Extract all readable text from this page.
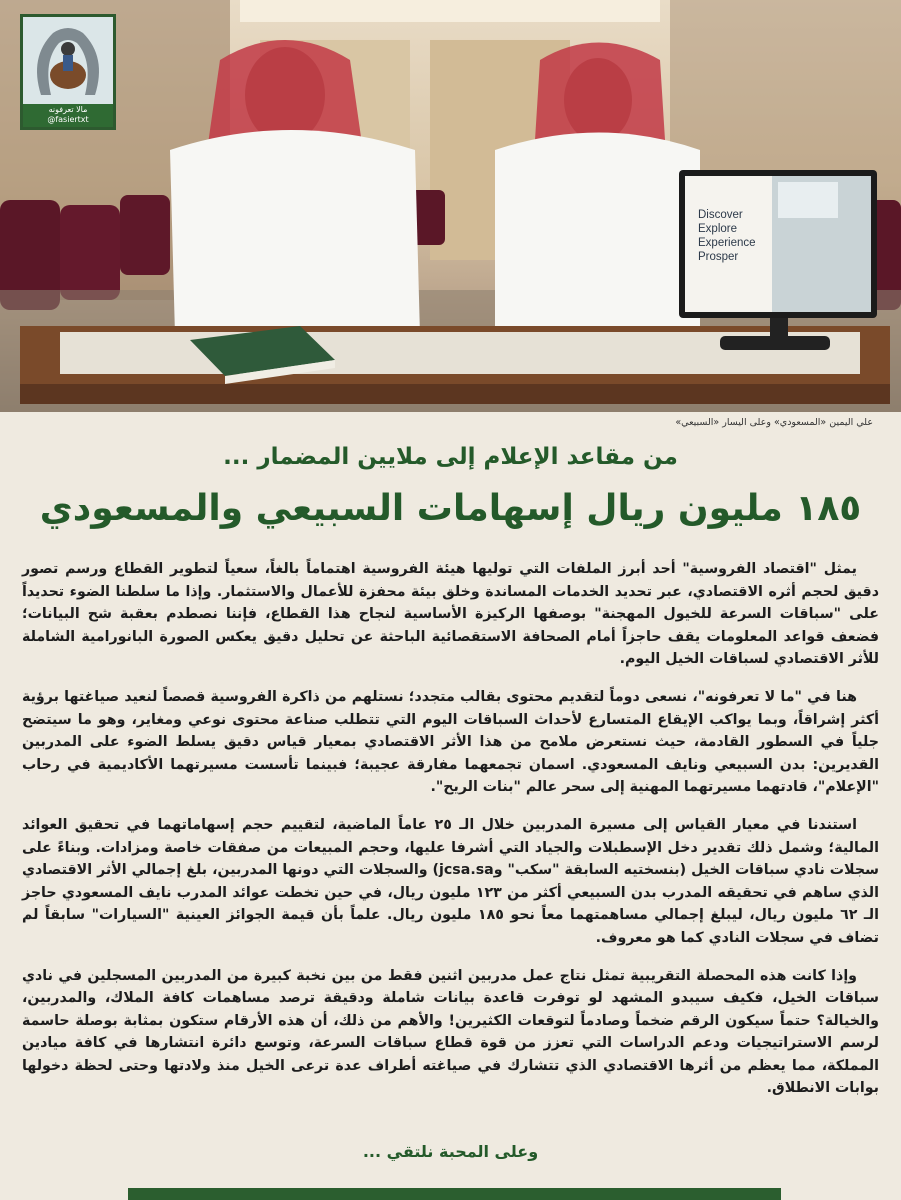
مالا تعرفونه
@fasiertxt
Discover
Explore
Experience
Prosper
علي اليمين «المسعودي» وعلى اليسار «السبيعي»
من مقاعد الإعلام إلى ملايين المضمار ...
١٨٥ مليون ريال إسهامات السبيعي والمسعودي

يمثل "اقتصاد الفروسية" أحد أبرز الملفات التي توليها هيئة الفروسية اهتماماً بالغاً، سعياً لتطوير القطاع ورسم تصور دقيق لحجم أثره الاقتصادي، عبر تحديد الخدمات المساندة وخلق بيئة محفزة للأعمال والاستثمار. وإذا ما سلطنا الضوء تحديداً على "سباقات السرعة للخيول المهجنة" بوصفها الركيزة الأساسية لنجاح هذا القطاع، فإننا نصطدم بعقبة شح البيانات؛ فضعف قواعد المعلومات يقف حاجزاً أمام الصحافة الاستقصائية الباحثة عن تحليل دقيق يعكس الصورة البانورامية الشاملة للأثر الاقتصادي لسباقات الخيل اليوم.

هنا في "ما لا تعرفونه"، نسعى دوماً لتقديم محتوى بقالب متجدد؛ نستلهم من ذاكرة الفروسية قصصاً لنعيد صياغتها برؤية أكثر إشراقاً، وبما يواكب الإيقاع المتسارع لأحداث السباقات اليوم التي تتطلب صناعة محتوى نوعي ومغاير، وهو ما سيتضح جلياً في السطور القادمة، حيث نستعرض ملامح من هذا الأثر الاقتصادي بمعيار قياس دقيق يسلط الضوء على المدربين القديرين: بدن السبيعي ونايف المسعودي. اسمان تجمعهما مفارقة عجيبة؛ فبينما تأسست مسيرتهما الأكاديمية في رحاب "الإعلام"، قادتهما مسيرتهما المهنية إلى سحر عالم "بنات الريح".

استندنا في معيار القياس إلى مسيرة المدربين خلال الـ ٢٥ عاماً الماضية، لتقييم حجم إسهاماتهما في تحقيق العوائد المالية؛ وشمل ذلك تقدير دخل الإسطبلات والجياد التي أشرفا عليها، وحجم المبيعات من صفقات خاصة ومزادات. وبناءً على سجلات نادي سباقات الخيل (بنسختيه السابقة "سكب" وjcsa.sa) والسجلات التي دونها المدربين، بلغ إجمالي الأثر الاقتصادي الذي ساهم في تحقيقه المدرب بدن السبيعي أكثر من ١٢٣ مليون ريال، في حين تخطت عوائد المدرب نايف المسعودي حاجز الـ ٦٢ مليون ريال، ليبلغ إجمالي مساهمتهما معاً نحو ١٨٥ مليون ريال. علماً بأن قيمة الجوائز العينية "السيارات" سابقاً لم تضاف في سجلات النادي كما هو معروف.

وإذا كانت هذه المحصلة التقريبية تمثل نتاج عمل مدربين اثنين فقط من بين نخبة كبيرة من المدربين المسجلين في نادي سباقات الخيل، فكيف سيبدو المشهد لو توفرت قاعدة بيانات شاملة ودقيقة ترصد مساهمات كافة الملاك، والمدربين، والخيالة؟ حتماً سيكون الرقم ضخماً وصادماً لتوقعات الكثيرين! والأهم من ذلك، أن هذه الأرقام ستكون بمثابة بوصلة حاسمة لرسم الاستراتيجيات ودعم الدراسات التي تعزز من قوة قطاع سباقات السرعة، وتوسع دائرة انتشارها في كافة ميادين المملكة، مما يعظم من أثرها الاقتصادي الذي تتشارك في صياغته أطراف عدة ترعى الخيل منذ ولادتها وحتى لحظة دخولها بوابات الانطلاق.

وعلى المحبة نلتقي ...
